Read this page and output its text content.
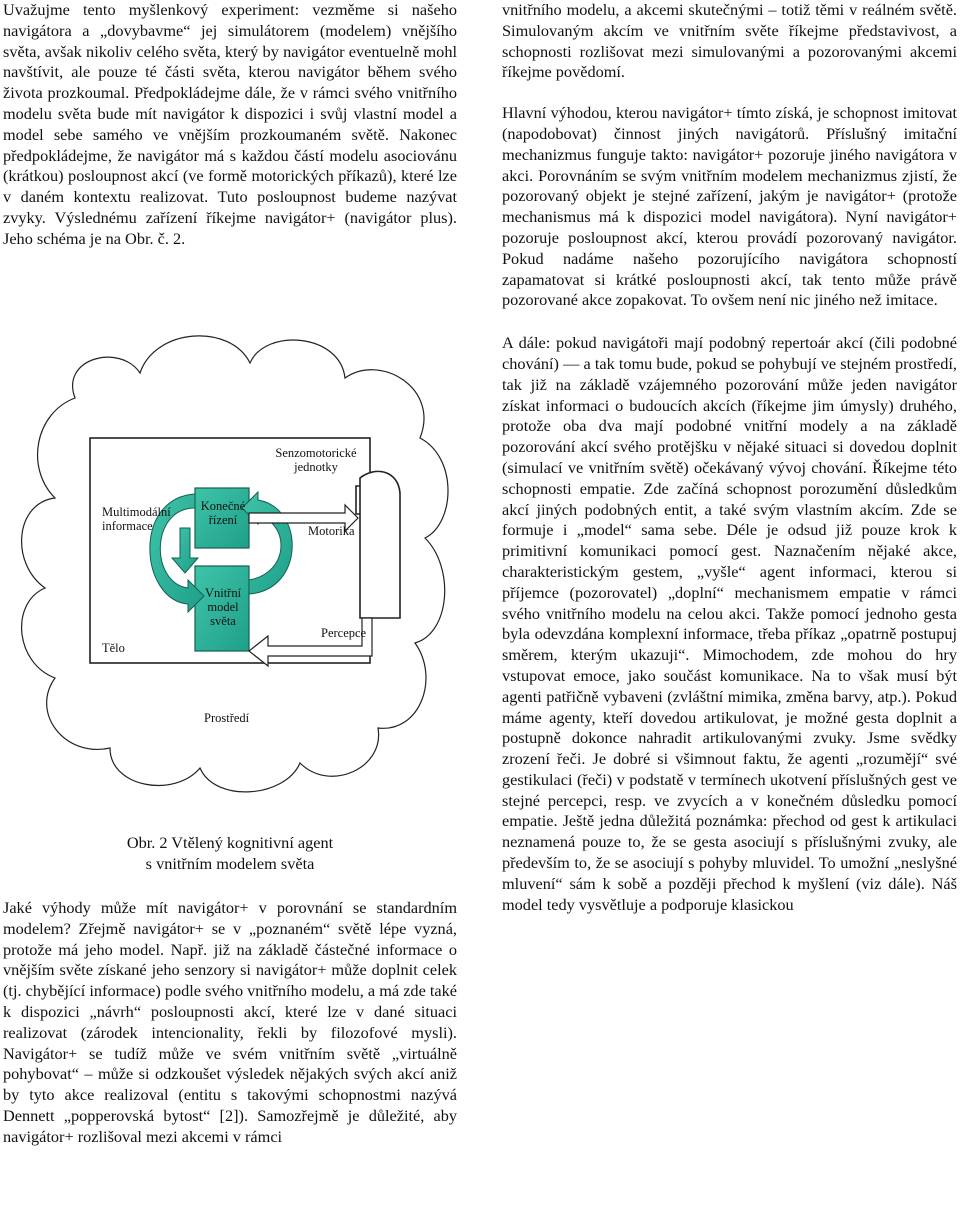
Uvažujme tento myšlenkový experiment: vezměme si našeho navigátora a „dovybavme“ jej simulátorem (modelem) vnějšího světa, avšak nikoliv celého světa, který by navigátor eventuelně mohl navštívit, ale pouze té části světa, kterou navigátor během svého života prozkoumal. Předpokládejme dále, že v rámci svého vnitřního modelu světa bude mít navigátor k dispozici i svůj vlastní model a model sebe samého ve vnějším prozkoumaném světě. Nakonec předpokládejme, že navigátor má s každou částí modelu asociovánu (krátkou) posloupnost akcí (ve formě motorických příkazů), které lze v daném kontextu realizovat. Tuto posloupnost budeme nazývat zvyky. Výslednému zařízení říkejme navigátor+ (navigátor plus). Jeho schéma je na Obr. č. 2.

Senzomotorické jednotky
Multimodální informace
Konečné řízení
Motorika
Vnitřní model světa
Percepce
Tělo
Prostředí
Obr. 2 Vtělený kognitivní agent
s vnitřním modelem světa

Jaké výhody může mít navigátor+ v porovnání se standardním modelem? Zřejmě navigátor+ se v „poznaném“ světě lépe vyzná, protože má jeho model. Např. již na základě částečné informace o vnějším světe získané jeho senzory si navigátor+ může doplnit celek (tj. chybějící informace) podle svého vnitřního modelu, a má zde také k dispozici „návrh“ posloupnosti akcí, které lze v dané situaci realizovat (zárodek intencionality, řekli by filozofové mysli). Navigátor+ se tudíž může ve svém vnitřním světě „virtuálně pohybovat“ – může si odzkoušet výsledek nějakých svých akcí aniž by tyto akce realizoval (entitu s takovými schopnostmi nazývá Dennett „popperovská bytost“ [2]). Samozřejmě je důležité, aby navigátor+ rozlišoval mezi akcemi v rámci

vnitřního modelu, a akcemi skutečnými – totiž těmi v reálném světě. Simulovaným akcím ve vnitřním světe říkejme představivost, a schopnosti rozlišovat mezi simulovanými a pozorovanými akcemi říkejme povědomí.

Hlavní výhodou, kterou navigátor+ tímto získá, je schopnost imitovat (napodobovat) činnost jiných navigátorů. Příslušný imitační mechanizmus funguje takto: navigátor+ pozoruje jiného navigátora v akci. Porovnáním se svým vnitřním modelem mechanizmus zjistí, že pozorovaný objekt je stejné zařízení, jakým je navigátor+ (protože mechanismus má k dispozici model navigátora). Nyní navigátor+ pozoruje posloupnost akcí, kterou provádí pozorovaný navigátor. Pokud nadáme našeho pozorujícího navigátora schopností zapamatovat si krátké posloupnosti akcí, tak tento může právě pozorované akce zopakovat. To ovšem není nic jiného než imitace.

A dále: pokud navigátoři mají podobný repertoár akcí (čili podobné chování) — a tak tomu bude, pokud se pohybují ve stejném prostředí, tak již na základě vzájemného pozorování může jeden navigátor získat informaci o budoucích akcích (říkejme jim úmysly) druhého, protože oba dva mají podobné vnitřní modely a na základě pozorování akcí svého protějšku v nějaké situaci si dovedou doplnit (simulací ve vnitřním světě) očekávaný vývoj chování. Říkejme této schopnosti empatie. Zde začíná schopnost porozumění důsledkům akcí jiných podobných entit, a také svým vlastním akcím. Zde se formuje i „model“ sama sebe. Déle je odsud již pouze krok k primitivní komunikaci pomocí gest. Naznačením nějaké akce, charakteristickým gestem, „vyšle“ agent informaci, kterou si příjemce (pozorovatel) „doplní“ mechanismem empatie v rámci svého vnitřního modelu na celou akci. Takže pomocí jednoho gesta byla odevzdána komplexní informace, třeba příkaz „opatrně postupuj směrem, kterým ukazuji“. Mimochodem, zde mohou do hry vstupovat emoce, jako součást komunikace. Na to však musí být agenti patřičně vybaveni (zvláštní mimika, změna barvy, atp.). Pokud máme agenty, kteří dovedou artikulovat, je možné gesta doplnit a postupně dokonce nahradit artikulovanými zvuky. Jsme svědky zrození řeči. Je dobré si všimnout faktu, že agenti „rozumějí“ své gestikulaci (řeči) v podstatě v termínech ukotvení příslušných gest ve stejné percepci, resp. ve zvycích a v konečném důsledku pomocí empatie. Ještě jedna důležitá poznámka: přechod od gest k artikulaci neznamená pouze to, že se gesta asociují s příslušnými zvuky, ale především to, že se asociují s pohyby mluvidel. To umožní „neslyšné mluvení“ sám k sobě a později přechod k myšlení (viz dále). Náš model tedy vysvětluje a podporuje klasickou
